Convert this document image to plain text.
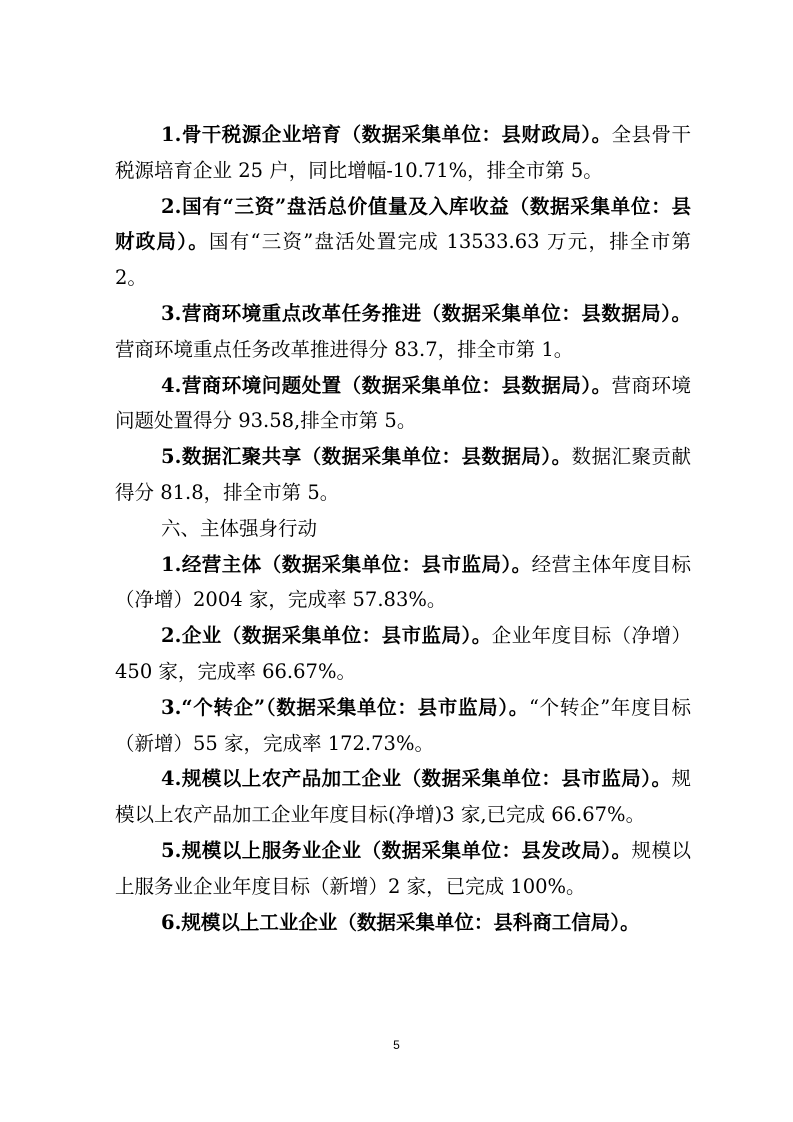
1.骨干税源企业培育（数据采集单位：县财政局）。全县骨干税源培育企业 25 户，同比增幅-10.71%，排全市第 5。

2.国有“三资”盘活总价值量及入库收益（数据采集单位：县财政局）。国有“三资”盘活处置完成 13533.63 万元，排全市第 2。

3.营商环境重点改革任务推进（数据采集单位：县数据局）。营商环境重点任务改革推进得分 83.7，排全市第 1。

4.营商环境问题处置（数据采集单位：县数据局）。营商环境问题处置得分 93.58,排全市第 5。

5.数据汇聚共享（数据采集单位：县数据局）。数据汇聚贡献得分 81.8，排全市第 5。

六、主体强身行动

1.经营主体（数据采集单位：县市监局）。经营主体年度目标（净增）2004 家，完成率 57.83%。

2.企业（数据采集单位：县市监局）。企业年度目标（净增）450 家，完成率 66.67%。

3.“个转企”（数据采集单位：县市监局）。“个转企”年度目标（新增）55 家，完成率 172.73%。

4.规模以上农产品加工企业（数据采集单位：县市监局）。规模以上农产品加工企业年度目标(净增)3 家,已完成 66.67%。

5.规模以上服务业企业（数据采集单位：县发改局）。规模以上服务业企业年度目标（新增）2 家，已完成 100%。

6.规模以上工业企业（数据采集单位：县科商工信局）。

5
